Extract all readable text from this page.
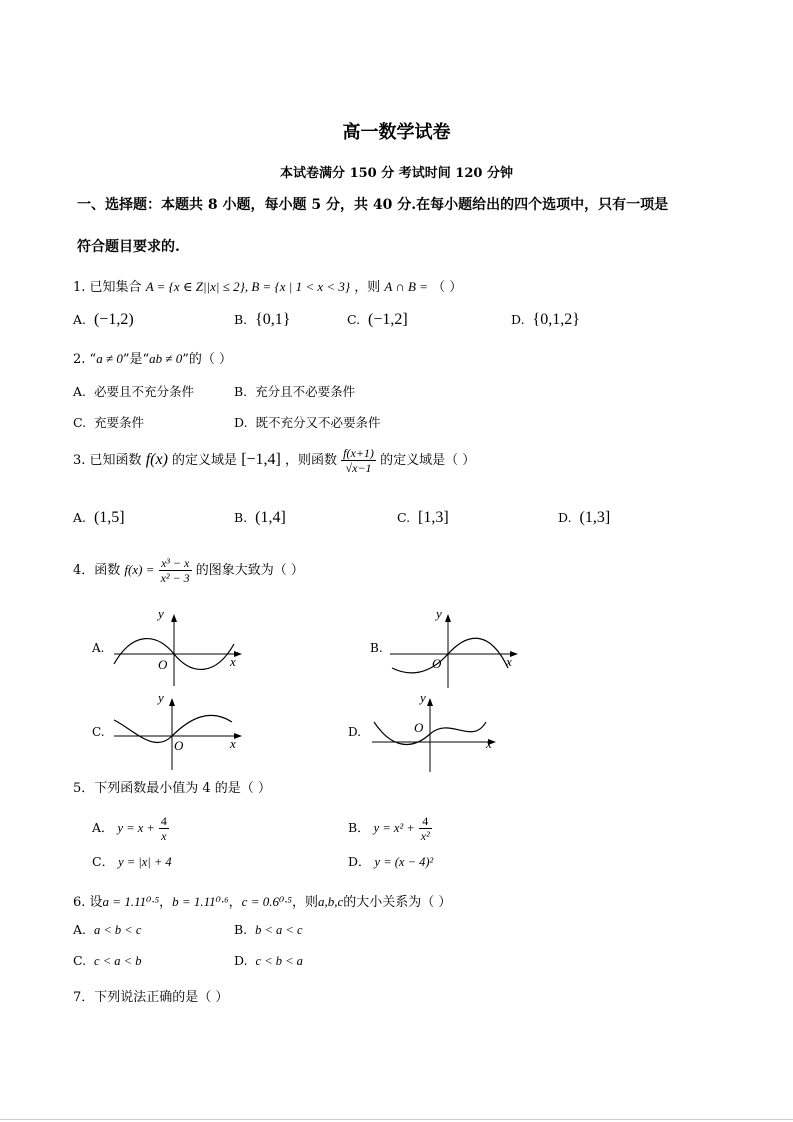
高一数学试卷
本试卷满分 150 分 考试时间 120 分钟
一、选择题：本题共 8 小题，每小题 5 分，共 40 分.在每小题给出的四个选项中，只有一项是
符合题目要求的.
1. 已知集合 A = {x ∈ Z||x| ≤ 2}, B = {x | 1 < x < 3} ，则 A ∩ B = （ ）
A. (−1,2)	B. {0,1}	C. (−1,2]	D. {0,1,2}
2. “a ≠ 0”是“ab ≠ 0”的（ ）
A. 必要且不充分条件	B. 充分且不必要条件
C. 充要条件	D. 既不充分又不必要条件
3. 已知函数 f(x) 的定义域是 [−1,4] ，则函数 $\frac{f(x+1)}{√x-1}$ 的定义域是（ ）
A. (1,5]	B. (1,4]	C. [1,3]	D. (1,3]
4．函数 $f(x) = \frac{\text{x³ − x}}{\text{x² − 3}}$ 的图象大致为（ ）
A.
y
O	x
B.
y
O	x
C.
y
O	x
D.
y
O
x
5．下列函数最小值为 4 的是（ ）
A． $y = x + \frac{4}{x}$	B． $y = x^2 + \frac{4}{\text{x²}}$
C． y = |x| + 4	D． y = (x − 4)²
6. 设a = 1.11⁰·⁵，b = 1.11⁰·⁶，c = 0.6⁰·⁵，则a,b,c的大小关系为（ ）
A. a < b < c	B. b < a < c
C. c < a < b	D. c < b < a
7．下列说法正确的是（ ）
